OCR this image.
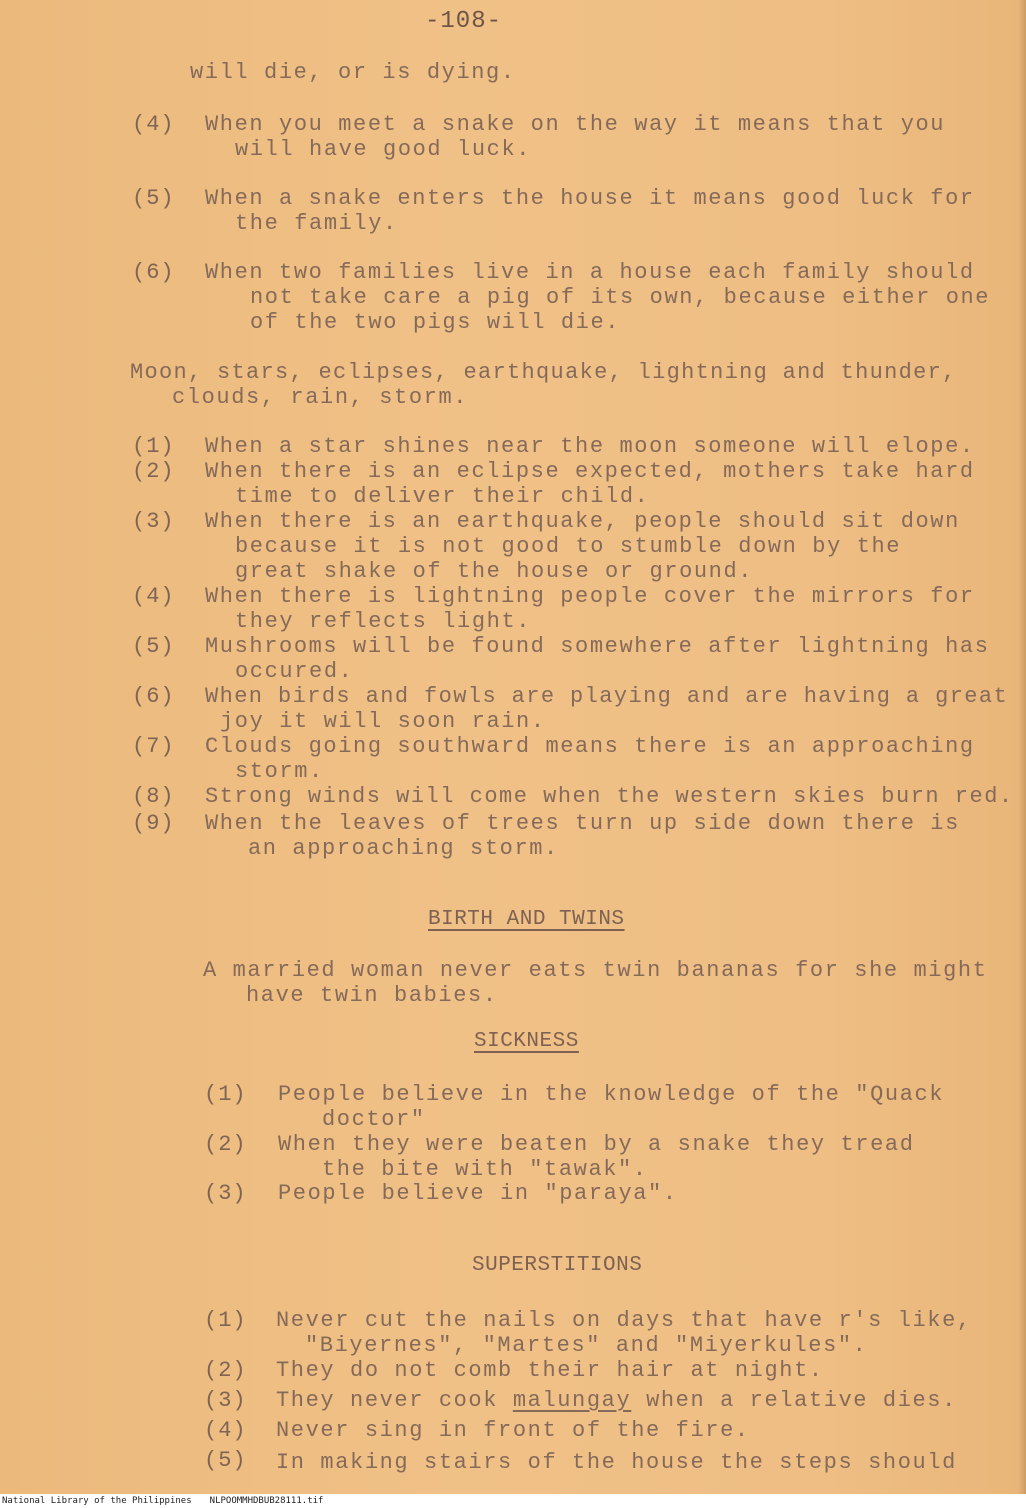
-108-
will die, or is dying.
(4) When you meet a snake on the way it means that you
will have good luck.
(5) When a snake enters the house it means good luck for
the family.
(6) When two families live in a house each family should
not take care a pig of its own, because either one
of the two pigs will die.
Moon, stars, eclipses, earthquake, lightning and thunder,
clouds, rain, storm.
(1) When a star shines near the moon someone will elope.
(2) When there is an eclipse expected, mothers take hard
time to deliver their child.
(3) When there is an earthquake, people should sit down
because it is not good to stumble down by the
great shake of the house or ground.
(4) When there is lightning people cover the mirrors for
they reflects light.
(5) Mushrooms will be found somewhere after lightning has
occured.
(6) When birds and fowls are playing and are having a great
joy it will soon rain.
(7) Clouds going southward means there is an approaching
storm.
(8) Strong winds will come when the western skies burn red.
(9) When the leaves of trees turn up side down there is
an approaching storm.
BIRTH AND TWINS
A married woman never eats twin bananas for she might
have twin babies.
SICKNESS
(1) People believe in the knowledge of the "Quack
doctor"
(2) When they were beaten by a snake they tread
the bite with "tawak".
(3) People believe in "paraya".
SUPERSTITIONS
(1) Never cut the nails on days that have r's like,
"Biyernes", "Martes" and "Miyerkules".
(2) They do not comb their hair at night.
(3) They never cook malungay when a relative dies.
(4) Never sing in front of the fire.
(5) In making stairs of the house the steps should
National Library of the Philippines NLPOOMMHDBUB28111.tif
